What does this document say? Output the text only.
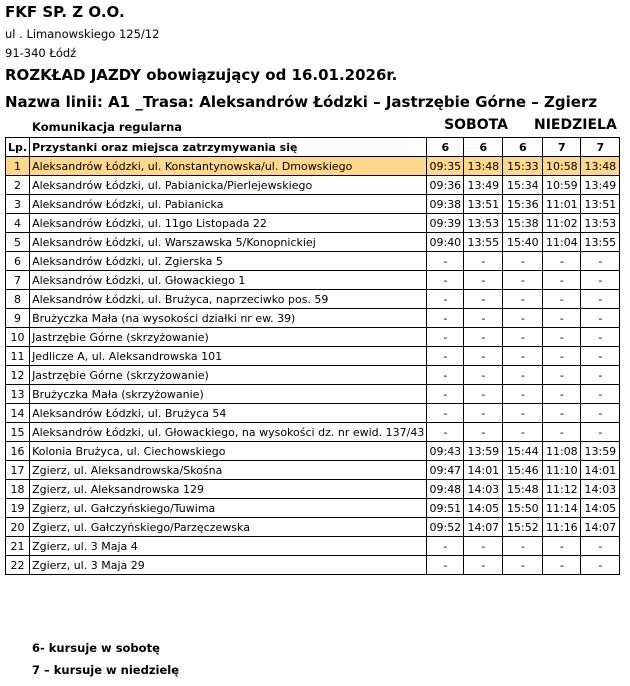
FKF SP. Z O.O.
ul . Limanowskiego 125/12
91-340 Łódź
ROZKŁAD JAZDY obowiązujący od 16.01.2026r.
Nazwa linii: A1 _Trasa: Aleksandrów Łódzki – Jastrzębie Górne – Zgierz
Komunikacja regularna	SOBOTA	NIEDZIELA
Lp.	Przystanki oraz miejsca zatrzymywania się	6	6	6	7	7
1	Aleksandrów Łódzki, ul. Konstantynowska/ul. Dmowskiego	09:35	13:48	15:33	10:58	13:48
2	Aleksandrów Łódzki, ul. Pabianicka/Pierlejewskiego	09:36	13:49	15:34	10:59	13:49
3	Aleksandrów Łódzki, ul. Pabianicka	09:38	13:51	15:36	11:01	13:51
4	Aleksandrów Łódzki, ul. 11go Listopada 22	09:39	13:53	15:38	11:02	13:53
5	Aleksandrów Łódzki, ul. Warszawska 5/Konopnickiej	09:40	13:55	15:40	11:04	13:55
6	Aleksandrów Łódzki, ul. Zgierska 5	-	-	-	-	-
7	Aleksandrów Łódzki, ul. Głowackiego 1	-	-	-	-	-
8	Aleksandrów Łódzki, ul. Brużyca, naprzeciwko pos. 59	-	-	-	-	-
9	Brużyczka Mała (na wysokości działki nr ew. 39)	-	-	-	-	-
10	Jastrzębie Górne (skrzyżowanie)	-	-	-	-	-
11	Jedlicze A, ul. Aleksandrowska 101	-	-	-	-	-
12	Jastrzębie Górne (skrzyżowanie)	-	-	-	-	-
13	Brużyczka Mała (skrzyżowanie)	-	-	-	-	-
14	Aleksandrów Łódzki, ul. Brużyca 54	-	-	-	-	-
15	Aleksandrów Łódzki, ul. Głowackiego, na wysokości dz. nr ewid. 137/43	-	-	-	-	-
16	Kolonia Brużyca, ul. Ciechowskiego	09:43	13:59	15:44	11:08	13:59
17	Zgierz, ul. Aleksandrowska/Skośna	09:47	14:01	15:46	11:10	14:01
18	Zgierz, ul. Aleksandrowska 129	09:48	14:03	15:48	11:12	14:03
19	Zgierz, ul. Gałczyńskiego/Tuwima	09:51	14:05	15:50	11:14	14:05
20	Zgierz, ul. Gałczyńskiego/Parzęczewska	09:52	14:07	15:52	11:16	14:07
21	Zgierz, ul. 3 Maja 4	-	-	-	-	-
22	Zgierz, ul. 3 Maja 29	-	-	-	-	-
6- kursuje w sobotę
7 – kursuje w niedzielę
